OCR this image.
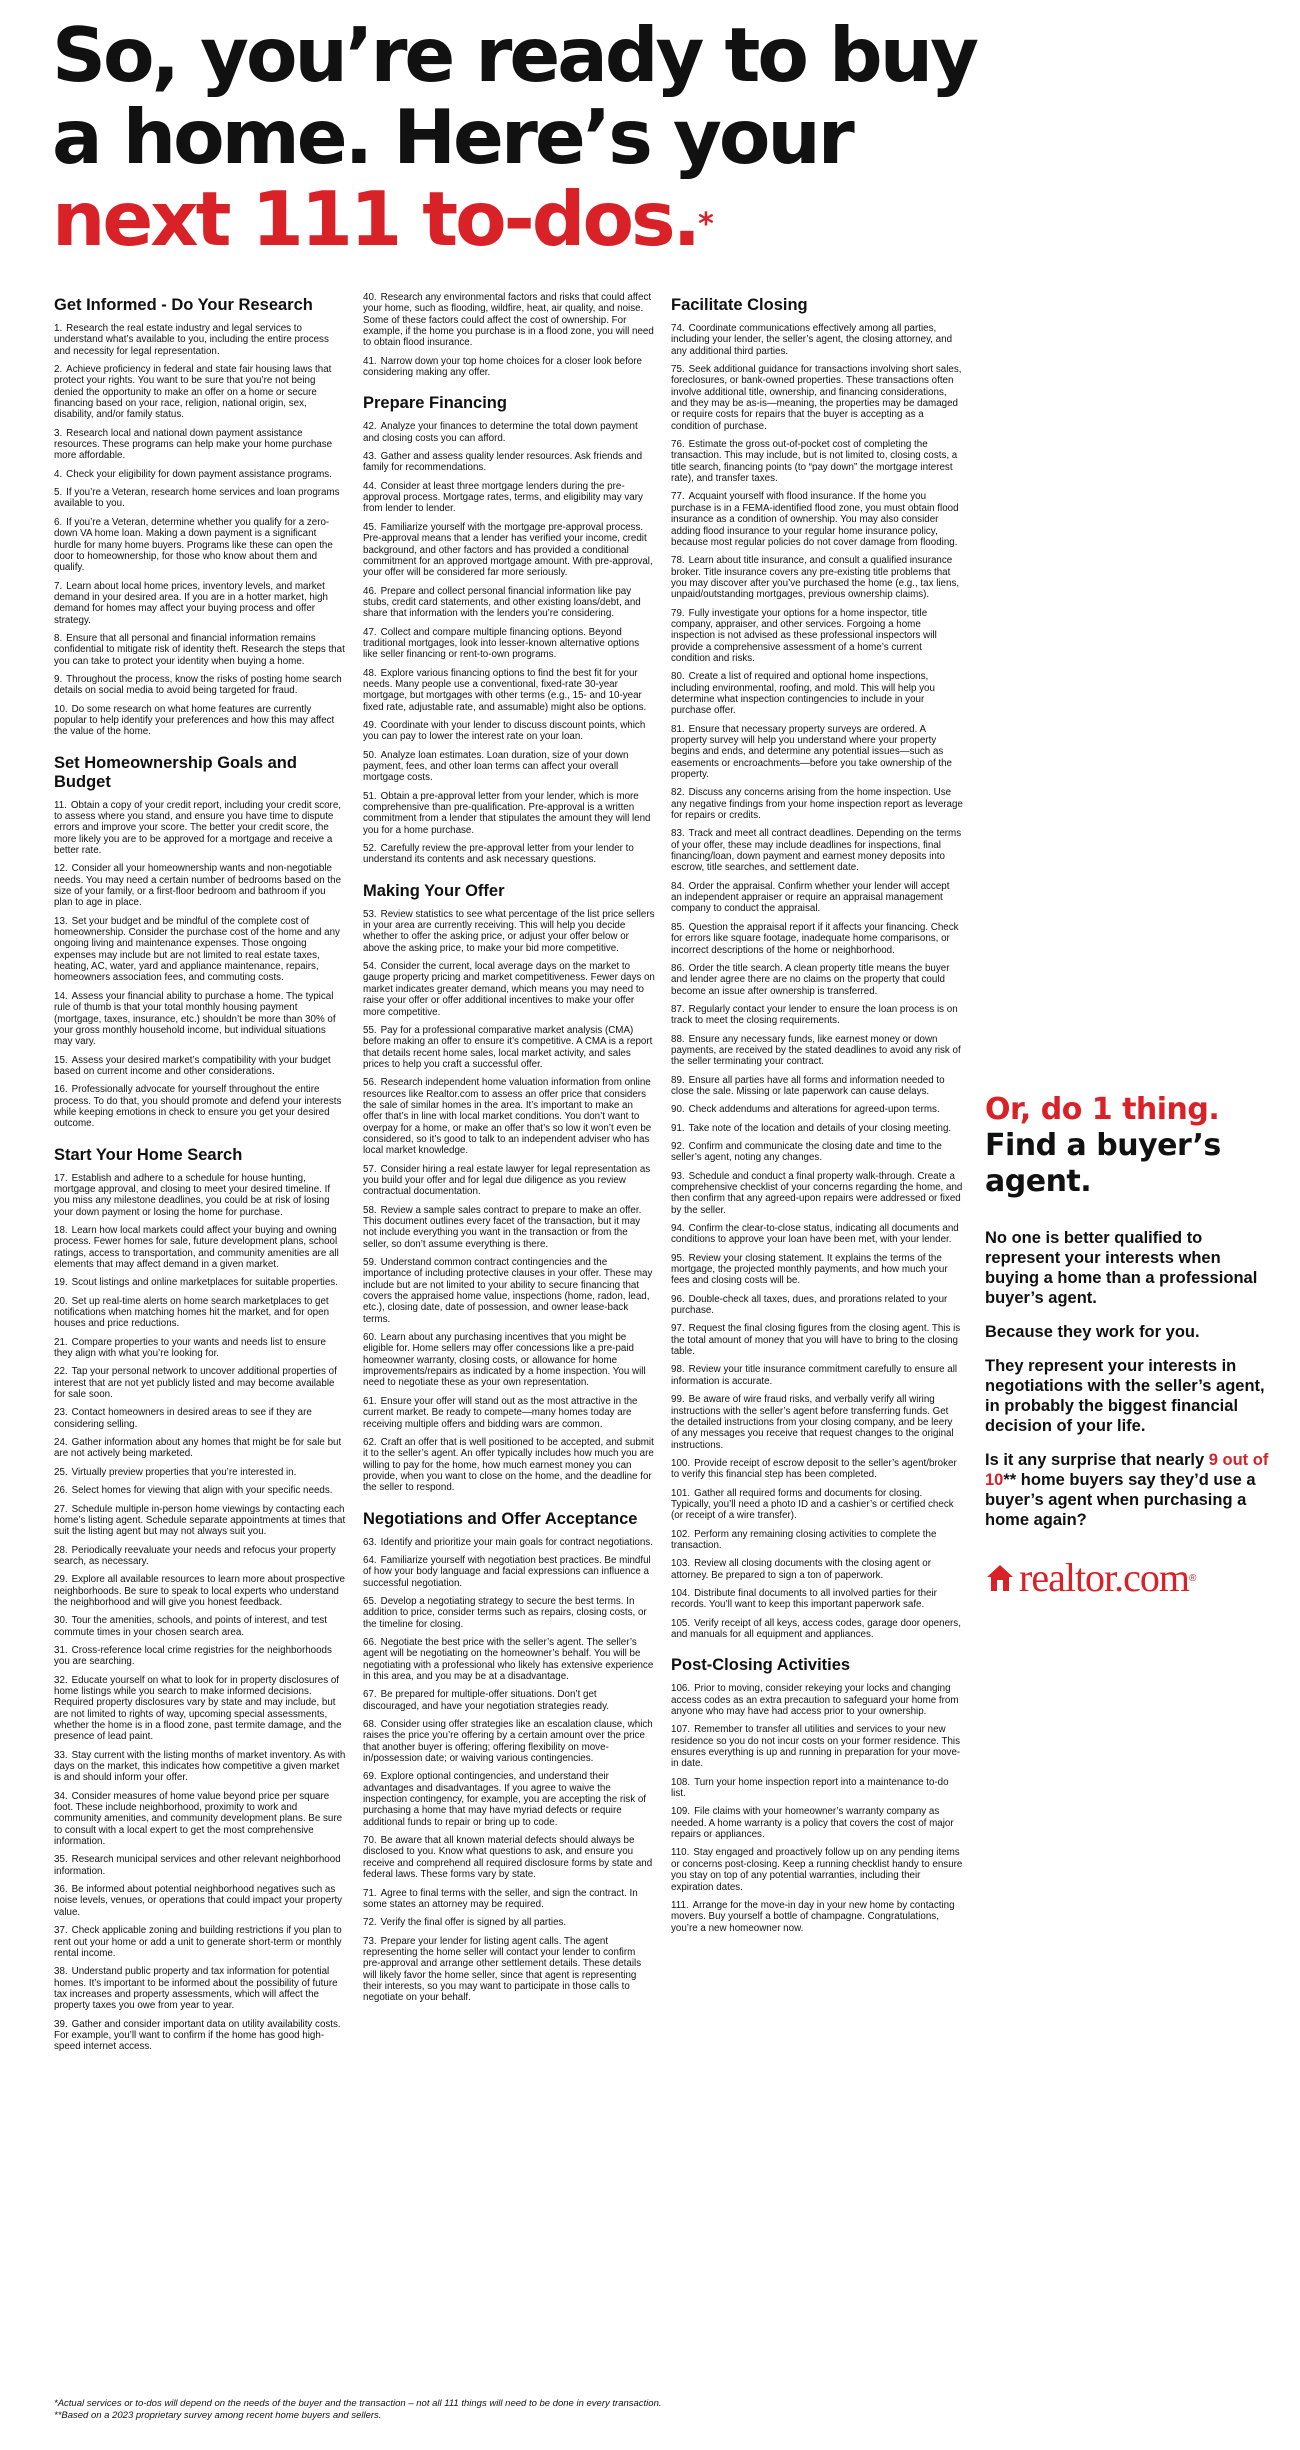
So, you’re ready to buy
a home. Here’s your
next 111 to-dos.*
Get Informed - Do Your Research
1. Research the real estate industry and legal services to understand what’s available to you, including the entire process and necessity for legal representation.
2. Achieve proficiency in federal and state fair housing laws that protect your rights. You want to be sure that you’re not being denied the opportunity to make an offer on a home or secure financing based on your race, religion, national origin, sex, disability, and/or family status.
3. Research local and national down payment assistance resources. These programs can help make your home purchase more affordable.
4. Check your eligibility for down payment assistance programs.
5. If you’re a Veteran, research home services and loan programs available to you.
6. If you’re a Veteran, determine whether you qualify for a zero-down VA home loan. Making a down payment is a significant hurdle for many home buyers. Programs like these can open the door to homeownership, for those who know about them and qualify.
7. Learn about local home prices, inventory levels, and market demand in your desired area. If you are in a hotter market, high demand for homes may affect your buying process and offer strategy.
8. Ensure that all personal and financial information remains confidential to mitigate risk of identity theft. Research the steps that you can take to protect your identity when buying a home.
9. Throughout the process, know the risks of posting home search details on social media to avoid being targeted for fraud.
10. Do some research on what home features are currently popular to help identify your preferences and how this may affect the value of the home.
Set Homeownership Goals and Budget
11. Obtain a copy of your credit report, including your credit score, to assess where you stand, and ensure you have time to dispute errors and improve your score. The better your credit score, the more likely you are to be approved for a mortgage and receive a better rate.
12. Consider all your homeownership wants and non-negotiable needs. You may need a certain number of bedrooms based on the size of your family, or a first-floor bedroom and bathroom if you plan to age in place.
13. Set your budget and be mindful of the complete cost of homeownership. Consider the purchase cost of the home and any ongoing living and maintenance expenses. Those ongoing expenses may include but are not limited to real estate taxes, heating, AC, water, yard and appliance maintenance, repairs, homeowners association fees, and commuting costs.
14. Assess your financial ability to purchase a home. The typical rule of thumb is that your total monthly housing payment (mortgage, taxes, insurance, etc.) shouldn’t be more than 30% of your gross monthly household income, but individual situations may vary.
15. Assess your desired market’s compatibility with your budget based on current income and other considerations.
16. Professionally advocate for yourself throughout the entire process. To do that, you should promote and defend your interests while keeping emotions in check to ensure you get your desired outcome.
Start Your Home Search
17. Establish and adhere to a schedule for house hunting, mortgage approval, and closing to meet your desired timeline. If you miss any milestone deadlines, you could be at risk of losing your down payment or losing the home for purchase.
18. Learn how local markets could affect your buying and owning process. Fewer homes for sale, future development plans, school ratings, access to transportation, and community amenities are all elements that may affect demand in a given market.
19. Scout listings and online marketplaces for suitable properties.
20. Set up real-time alerts on home search marketplaces to get notifications when matching homes hit the market, and for open houses and price reductions.
21. Compare properties to your wants and needs list to ensure they align with what you’re looking for.
22. Tap your personal network to uncover additional properties of interest that are not yet publicly listed and may become available for sale soon.
23. Contact homeowners in desired areas to see if they are considering selling.
24. Gather information about any homes that might be for sale but are not actively being marketed.
25. Virtually preview properties that you’re interested in.
26. Select homes for viewing that align with your specific needs.
27. Schedule multiple in-person home viewings by contacting each home’s listing agent. Schedule separate appointments at times that suit the listing agent but may not always suit you.
28. Periodically reevaluate your needs and refocus your property search, as necessary.
29. Explore all available resources to learn more about prospective neighborhoods. Be sure to speak to local experts who understand the neighborhood and will give you honest feedback.
30. Tour the amenities, schools, and points of interest, and test commute times in your chosen search area.
31. Cross-reference local crime registries for the neighborhoods you are searching.
32. Educate yourself on what to look for in property disclosures of home listings while you search to make informed decisions. Required property disclosures vary by state and may include, but are not limited to rights of way, upcoming special assessments, whether the home is in a flood zone, past termite damage, and the presence of lead paint.
33. Stay current with the listing months of market inventory. As with days on the market, this indicates how competitive a given market is and should inform your offer.
34. Consider measures of home value beyond price per square foot. These include neighborhood, proximity to work and community amenities, and community development plans. Be sure to consult with a local expert to get the most comprehensive information.
35. Research municipal services and other relevant neighborhood information.
36. Be informed about potential neighborhood negatives such as noise levels, venues, or operations that could impact your property value.
37. Check applicable zoning and building restrictions if you plan to rent out your home or add a unit to generate short-term or monthly rental income.
38. Understand public property and tax information for potential homes. It’s important to be informed about the possibility of future tax increases and property assessments, which will affect the property taxes you owe from year to year.
39. Gather and consider important data on utility availability costs. For example, you’ll want to confirm if the home has good high-speed internet access.
40. Research any environmental factors and risks that could affect your home, such as flooding, wildfire, heat, air quality, and noise. Some of these factors could affect the cost of ownership. For example, if the home you purchase is in a flood zone, you will need to obtain flood insurance.
41. Narrow down your top home choices for a closer look before considering making any offer.
Prepare Financing
42. Analyze your finances to determine the total down payment and closing costs you can afford.
43. Gather and assess quality lender resources. Ask friends and family for recommendations.
44. Consider at least three mortgage lenders during the pre-approval process. Mortgage rates, terms, and eligibility may vary from lender to lender.
45. Familiarize yourself with the mortgage pre-approval process. Pre-approval means that a lender has verified your income, credit background, and other factors and has provided a conditional commitment for an approved mortgage amount. With pre-approval, your offer will be considered far more seriously.
46. Prepare and collect personal financial information like pay stubs, credit card statements, and other existing loans/debt, and share that information with the lenders you’re considering.
47. Collect and compare multiple financing options. Beyond traditional mortgages, look into lesser-known alternative options like seller financing or rent-to-own programs.
48. Explore various financing options to find the best fit for your needs. Many people use a conventional, fixed-rate 30-year mortgage, but mortgages with other terms (e.g., 15- and 10-year fixed rate, adjustable rate, and assumable) might also be options.
49. Coordinate with your lender to discuss discount points, which you can pay to lower the interest rate on your loan.
50. Analyze loan estimates. Loan duration, size of your down payment, fees, and other loan terms can affect your overall mortgage costs.
51. Obtain a pre-approval letter from your lender, which is more comprehensive than pre-qualification. Pre-approval is a written commitment from a lender that stipulates the amount they will lend you for a home purchase.
52. Carefully review the pre-approval letter from your lender to understand its contents and ask necessary questions.
Making Your Offer
53. Review statistics to see what percentage of the list price sellers in your area are currently receiving. This will help you decide whether to offer the asking price, or adjust your offer below or above the asking price, to make your bid more competitive.
54. Consider the current, local average days on the market to gauge property pricing and market competitiveness. Fewer days on market indicates greater demand, which means you may need to raise your offer or offer additional incentives to make your offer more competitive.
55. Pay for a professional comparative market analysis (CMA) before making an offer to ensure it’s competitive. A CMA is a report that details recent home sales, local market activity, and sales prices to help you craft a successful offer.
56. Research independent home valuation information from online resources like Realtor.com to assess an offer price that considers the sale of similar homes in the area. It’s important to make an offer that’s in line with local market conditions. You don’t want to overpay for a home, or make an offer that’s so low it won’t even be considered, so it’s good to talk to an independent adviser who has local market knowledge.
57. Consider hiring a real estate lawyer for legal representation as you build your offer and for legal due diligence as you review contractual documentation.
58. Review a sample sales contract to prepare to make an offer. This document outlines every facet of the transaction, but it may not include everything you want in the transaction or from the seller, so don’t assume everything is there.
59. Understand common contract contingencies and the importance of including protective clauses in your offer. These may include but are not limited to your ability to secure financing that covers the appraised home value, inspections (home, radon, lead, etc.), closing date, date of possession, and owner lease-back terms.
60. Learn about any purchasing incentives that you might be eligible for. Home sellers may offer concessions like a pre-paid homeowner warranty, closing costs, or allowance for home improvements/repairs as indicated by a home inspection. You will need to negotiate these as your own representation.
61. Ensure your offer will stand out as the most attractive in the current market. Be ready to compete—many homes today are receiving multiple offers and bidding wars are common.
62. Craft an offer that is well positioned to be accepted, and submit it to the seller’s agent. An offer typically includes how much you are willing to pay for the home, how much earnest money you can provide, when you want to close on the home, and the deadline for the seller to respond.
Negotiations and Offer Acceptance
63. Identify and prioritize your main goals for contract negotiations.
64. Familiarize yourself with negotiation best practices. Be mindful of how your body language and facial expressions can influence a successful negotiation.
65. Develop a negotiating strategy to secure the best terms. In addition to price, consider terms such as repairs, closing costs, or the timeline for closing.
66. Negotiate the best price with the seller’s agent. The seller’s agent will be negotiating on the homeowner’s behalf. You will be negotiating with a professional who likely has extensive experience in this area, and you may be at a disadvantage.
67. Be prepared for multiple-offer situations. Don’t get discouraged, and have your negotiation strategies ready.
68. Consider using offer strategies like an escalation clause, which raises the price you’re offering by a certain amount over the price that another buyer is offering; offering flexibility on move-in/possession date; or waiving various contingencies.
69. Explore optional contingencies, and understand their advantages and disadvantages. If you agree to waive the inspection contingency, for example, you are accepting the risk of purchasing a home that may have myriad defects or require additional funds to repair or bring up to code.
70. Be aware that all known material defects should always be disclosed to you. Know what questions to ask, and ensure you receive and comprehend all required disclosure forms by state and federal laws. These forms vary by state.
71. Agree to final terms with the seller, and sign the contract. In some states an attorney may be required.
72. Verify the final offer is signed by all parties.
73. Prepare your lender for listing agent calls. The agent representing the home seller will contact your lender to confirm pre-approval and arrange other settlement details. These details will likely favor the home seller, since that agent is representing their interests, so you may want to participate in those calls to negotiate on your behalf.
Facilitate Closing
74. Coordinate communications effectively among all parties, including your lender, the seller’s agent, the closing attorney, and any additional third parties.
75. Seek additional guidance for transactions involving short sales, foreclosures, or bank-owned properties. These transactions often involve additional title, ownership, and financing considerations, and they may be as-is—meaning, the properties may be damaged or require costs for repairs that the buyer is accepting as a condition of purchase.
76. Estimate the gross out-of-pocket cost of completing the transaction. This may include, but is not limited to, closing costs, a title search, financing points (to “pay down” the mortgage interest rate), and transfer taxes.
77. Acquaint yourself with flood insurance. If the home you purchase is in a FEMA-identified flood zone, you must obtain flood insurance as a condition of ownership. You may also consider adding flood insurance to your regular home insurance policy, because most regular policies do not cover damage from flooding.
78. Learn about title insurance, and consult a qualified insurance broker. Title insurance covers any pre-existing title problems that you may discover after you’ve purchased the home (e.g., tax liens, unpaid/outstanding mortgages, previous ownership claims).
79. Fully investigate your options for a home inspector, title company, appraiser, and other services. Forgoing a home inspection is not advised as these professional inspectors will provide a comprehensive assessment of a home’s current condition and risks.
80. Create a list of required and optional home inspections, including environmental, roofing, and mold. This will help you determine what inspection contingencies to include in your purchase offer.
81. Ensure that necessary property surveys are ordered. A property survey will help you understand where your property begins and ends, and determine any potential issues—such as easements or encroachments—before you take ownership of the property.
82. Discuss any concerns arising from the home inspection. Use any negative findings from your home inspection report as leverage for repairs or credits.
83. Track and meet all contract deadlines. Depending on the terms of your offer, these may include deadlines for inspections, final financing/loan, down payment and earnest money deposits into escrow, title searches, and settlement date.
84. Order the appraisal. Confirm whether your lender will accept an independent appraiser or require an appraisal management company to conduct the appraisal.
85. Question the appraisal report if it affects your financing. Check for errors like square footage, inadequate home comparisons, or incorrect descriptions of the home or neighborhood.
86. Order the title search. A clean property title means the buyer and lender agree there are no claims on the property that could become an issue after ownership is transferred.
87. Regularly contact your lender to ensure the loan process is on track to meet the closing requirements.
88. Ensure any necessary funds, like earnest money or down payments, are received by the stated deadlines to avoid any risk of the seller terminating your contract.
89. Ensure all parties have all forms and information needed to close the sale. Missing or late paperwork can cause delays.
90. Check addendums and alterations for agreed-upon terms.
91. Take note of the location and details of your closing meeting.
92. Confirm and communicate the closing date and time to the seller’s agent, noting any changes.
93. Schedule and conduct a final property walk-through. Create a comprehensive checklist of your concerns regarding the home, and then confirm that any agreed-upon repairs were addressed or fixed by the seller.
94. Confirm the clear-to-close status, indicating all documents and conditions to approve your loan have been met, with your lender.
95. Review your closing statement. It explains the terms of the mortgage, the projected monthly payments, and how much your fees and closing costs will be.
96. Double-check all taxes, dues, and prorations related to your purchase.
97. Request the final closing figures from the closing agent. This is the total amount of money that you will have to bring to the closing table.
98. Review your title insurance commitment carefully to ensure all information is accurate.
99. Be aware of wire fraud risks, and verbally verify all wiring instructions with the seller’s agent before transferring funds. Get the detailed instructions from your closing company, and be leery of any messages you receive that request changes to the original instructions.
100. Provide receipt of escrow deposit to the seller’s agent/broker to verify this financial step has been completed.
101. Gather all required forms and documents for closing. Typically, you’ll need a photo ID and a cashier’s or certified check (or receipt of a wire transfer).
102. Perform any remaining closing activities to complete the transaction.
103. Review all closing documents with the closing agent or attorney. Be prepared to sign a ton of paperwork.
104. Distribute final documents to all involved parties for their records. You’ll want to keep this important paperwork safe.
105. Verify receipt of all keys, access codes, garage door openers, and manuals for all equipment and appliances.
Post-Closing Activities
106. Prior to moving, consider rekeying your locks and changing access codes as an extra precaution to safeguard your home from anyone who may have had access prior to your ownership.
107. Remember to transfer all utilities and services to your new residence so you do not incur costs on your former residence. This ensures everything is up and running in preparation for your move-in date.
108. Turn your home inspection report into a maintenance to-do list.
109. File claims with your homeowner’s warranty company as needed. A home warranty is a policy that covers the cost of major repairs or appliances.
110. Stay engaged and proactively follow up on any pending items or concerns post-closing. Keep a running checklist handy to ensure you stay on top of any potential warranties, including their expiration dates.
111. Arrange for the move-in day in your new home by contacting movers. Buy yourself a bottle of champagne. Congratulations, you’re a new homeowner now.
Or, do 1 thing.
Find a buyer’s agent.

No one is better qualified to represent your interests when buying a home than a professional buyer’s agent.

Because they work for you.

They represent your interests in negotiations with the seller’s agent, in probably the biggest financial decision of your life.

Is it any surprise that nearly 9 out of 10** home buyers say they’d use a buyer’s agent when purchasing a home again?

realtor.com ®
*Actual services or to-dos will depend on the needs of the buyer and the transaction – not all 111 things will need to be done in every transaction.
**Based on a 2023 proprietary survey among recent home buyers and sellers.
